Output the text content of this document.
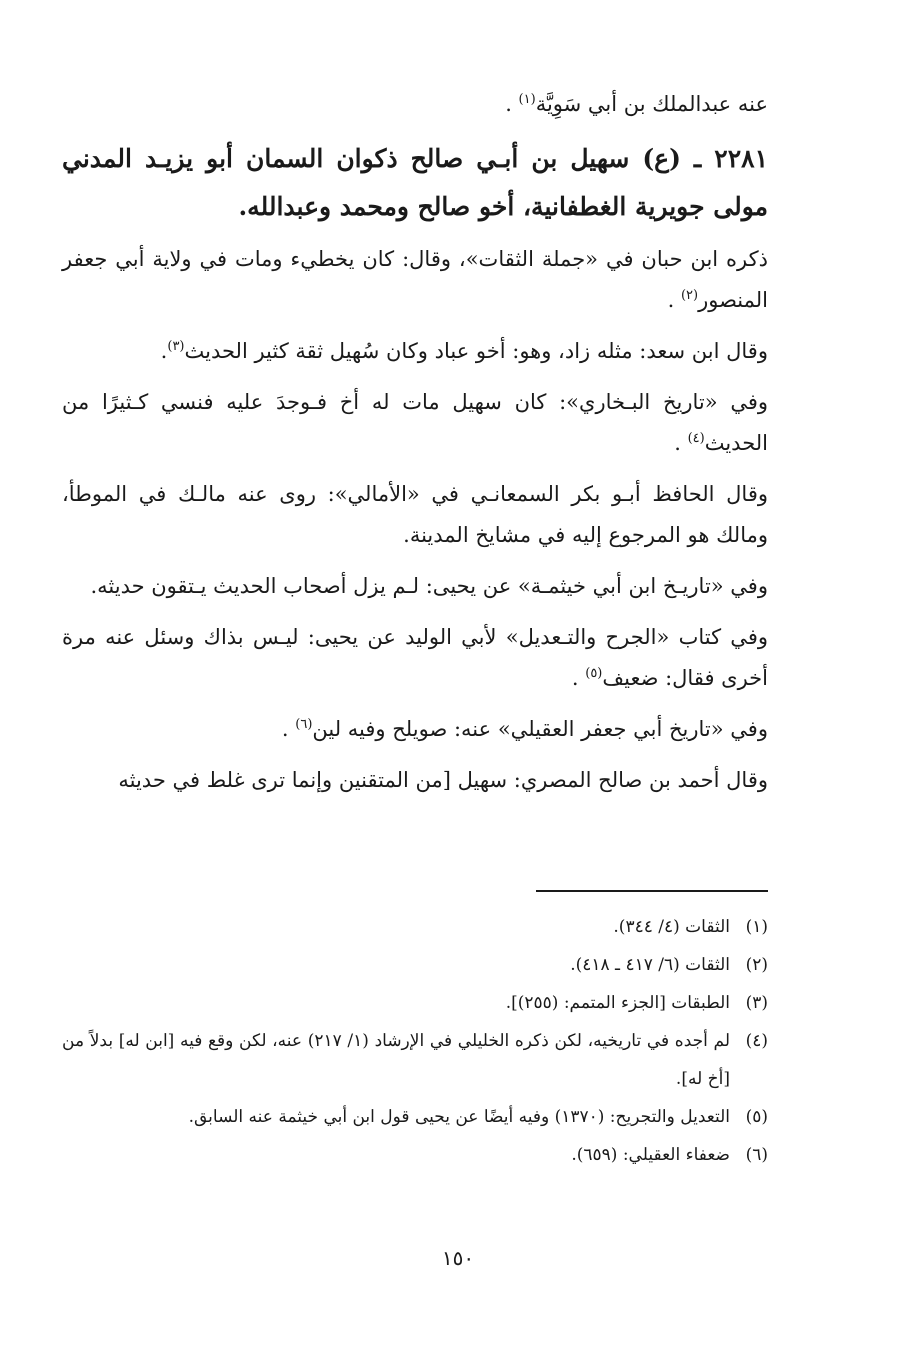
عنه عبدالملك بن أبي سَوِيَّة$^{(١)}$ .

٢٢٨١ ـ (ع) سهيل بن أبـي صالح ذكوان السمان أبو يزيـد المدني مولى جويرية الغطفانية، أخو صالح ومحمد وعبدالله.

ذكره ابن حبان في «جملة الثقات»، وقال: كان يخطيء ومات في ولاية أبي جعفر المنصور$^{(٢)}$ .

وقال ابن سعد: مثله زاد، وهو: أخو عباد وكان سُهيل ثقة كثير الحديث$^{(٣)}$.

وفي «تاريخ البـخاري»: كان سهيل مات له أخ فـوجدَ عليه فنسي كـثيرًا من الحديث$^{(٤)}$ .

وقال الحافظ أبـو بكر السمعانـي في «الأمالي»: روى عنه مالـك في الموطأ، ومالك هو المرجوع إليه في مشايخ المدينة.

وفي «تاريـخ ابن أبي خيثمـة» عن يحيى: لـم يزل أصحاب الحديث يـتقون حديثه.

وفي كتاب «الجرح والتـعديل» لأبي الوليد عن يحيى: ليـس بذاك وسئل عنه مرة أخرى فقال: ضعيف$^{(٥)}$ .

وفي «تاريخ أبي جعفر العقيلي» عنه: صويلح وفيه لين$^{(٦)}$ .

وقال أحمد بن صالح المصري: سهيل [من المتقنين وإنما ترى غلط في حديثه

(١)
الثقات (٤/ ٣٤٤).
(٢)
الثقات (٦/ ٤١٧ ـ ٤١٨).
(٣)
الطبقات [الجزء المتمم: (٢٥٥)].
(٤)
لم أجده في تاريخيه، لكن ذكره الخليلي في الإرشاد (١/ ٢١٧) عنه، لكن وقع فيه [ابن له] بدلاً من [أخ له].
(٥)
التعديل والتجريح: (١٣٧٠) وفيه أيضًا عن يحيى قول ابن أبي خيثمة عنه السابق.
(٦)
ضعفاء العقيلي: (٦٥٩).
١٥٠
